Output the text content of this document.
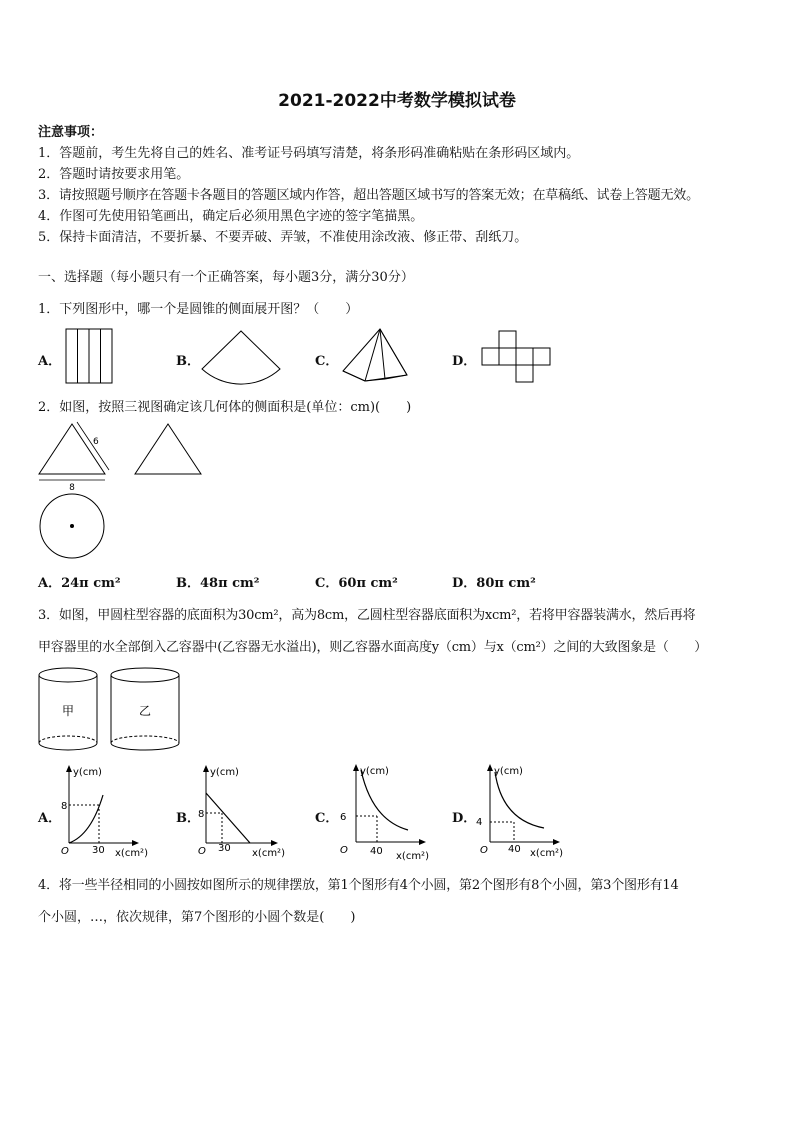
2021-2022中考数学模拟试卷
注意事项：
1．答题前，考生先将自己的姓名、准考证号码填写清楚，将条形码准确粘贴在条形码区域内。
2．答题时请按要求用笔。
3．请按照题号顺序在答题卡各题目的答题区域内作答，超出答题区域书写的答案无效；在草稿纸、试卷上答题无效。
4．作图可先使用铅笔画出，确定后必须用黑色字迹的签字笔描黑。
5．保持卡面清洁，不要折暴、不要弄破、弄皱，不准使用涂改液、修正带、刮纸刀。
一、选择题（每小题只有一个正确答案，每小题3分，满分30分）
1．下列图形中，哪一个是圆锥的侧面展开图？（　　）
A．	B．	C．	D．
2．如图，按照三视图确定该几何体的侧面积是(单位：cm)(　　)
6
8
A．24π cm²	B．48π cm²	C．60π cm²	D．80π cm²
3．如图，甲圆柱型容器的底面积为30cm²，高为8cm，乙圆柱型容器底面积为xcm²，若将甲容器装满水，然后再将
甲容器里的水全部倒入乙容器中(乙容器无水溢出)，则乙容器水面高度y（cm）与x（cm²）之间的大致图象是（　　）
甲	乙
A．	B．	C．	D．
y(cm)
x(cm²)
O
8
30
y(cm)
x(cm²)
O
8
30
y(cm)
x(cm²)
O
6
40
y(cm)
x(cm²)
O
4
40
4．将一些半径相同的小圆按如图所示的规律摆放，第1个图形有4个小圆，第2个图形有8个小圆，第3个图形有14
个小圆，…，依次规律，第7个图形的小圆个数是(　　)
